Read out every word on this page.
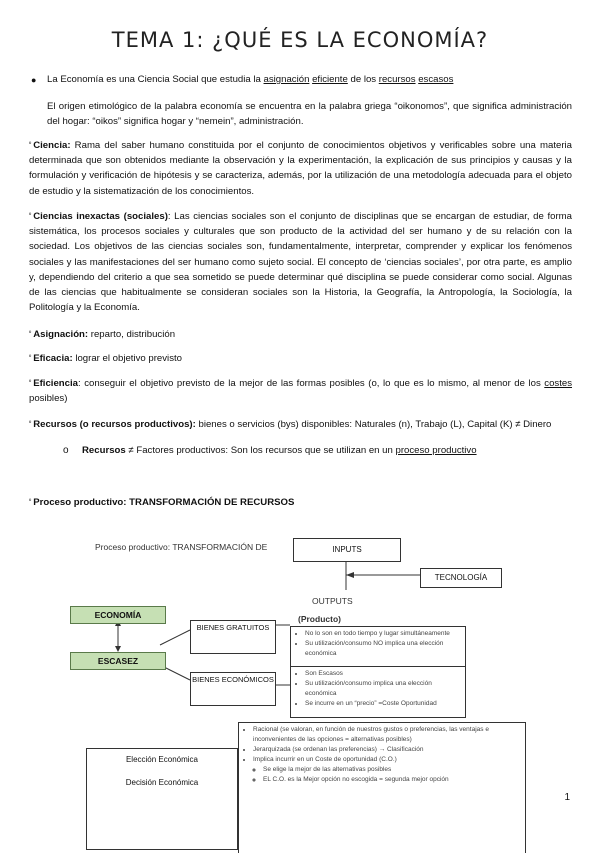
TEMA 1: ¿QUÉ ES LA ECONOMÍA?
● La Economía es una Ciencia Social que estudia la asignación eficiente de los recursos escasos
El origen etimológico de la palabra economía se encuentra en la palabra griega “oikonomos”, que significa administración del hogar: “oikos” significa hogar y “nemein”, administración.
$^º$ Ciencia: Rama del saber humano constituida por el conjunto de conocimientos objetivos y verificables sobre una materia determinada que son obtenidos mediante la observación y la experimentación, la explicación de sus principios y causas y la formulación y verificación de hipótesis y se caracteriza, además, por la utilización de una metodología adecuada para el objeto de estudio y la sistematización de los conocimientos.
$^º$ Ciencias inexactas (sociales): Las ciencias sociales son el conjunto de disciplinas que se encargan de estudiar, de forma sistemática, los procesos sociales y culturales que son producto de la actividad del ser humano y de su relación con la sociedad. Los objetivos de las ciencias sociales son, fundamentalmente, interpretar, comprender y explicar los fenómenos sociales y las manifestaciones del ser humano como sujeto social. El concepto de ‘ciencias sociales’, por otra parte, es amplio y, dependiendo del criterio a que sea sometido se puede determinar qué disciplina se puede considerar como social. Algunas de las ciencias que habitualmente se consideran sociales son la Historia, la Geografía, la Antropología, la Sociología, la Politología y la Economía.
$^º$ Asignación: reparto, distribución
$^º$ Eficacia: lograr el objetivo previsto
$^º$ Eficiencia: conseguir el objetivo previsto de la mejor de las formas posibles (o, lo que es lo mismo, al menor de los costes posibles)
$^º$ Recursos (o recursos productivos): bienes o servicios (bys) disponibles: Naturales (n), Trabajo (L), Capital (K) ≠ Dinero
o Recursos ≠ Factores productivos: Son los recursos que se utilizan en un proceso productivo
$^º$ Proceso productivo: TRANSFORMACIÓN DE RECURSOS
Proceso productivo: TRANSFORMACIÓN DE	INPUTS
TECNOLOGÍA
OUTPUTS
(Producto)
ECONOMÍA
ESCASEZ
BIENES GRATUITOS
BIENES ECONÓMICOS
• No lo son en todo tiempo y lugar simultáneamente
• Su utilización/consumo NO implica una elección económica
• Son Escasos
• Su utilización/consumo implica una elección económica
• Se incurre en un “precio” =Coste Oportunidad
Elección Económica
Decisión Económica
• Racional (se valoran, en función de nuestros gustos o preferencias, las ventajas e inconvenientes de las opciones = alternativas posibles)
• Jerarquizada (se ordenan las preferencias) → Clasificación
• Implica incurrir en un Coste de oportunidad (C.O.)
◦ Se elige la mejor de las alternativas posibles
◦ EL C.O. es la Mejor opción no escogida = segunda mejor opción
1
